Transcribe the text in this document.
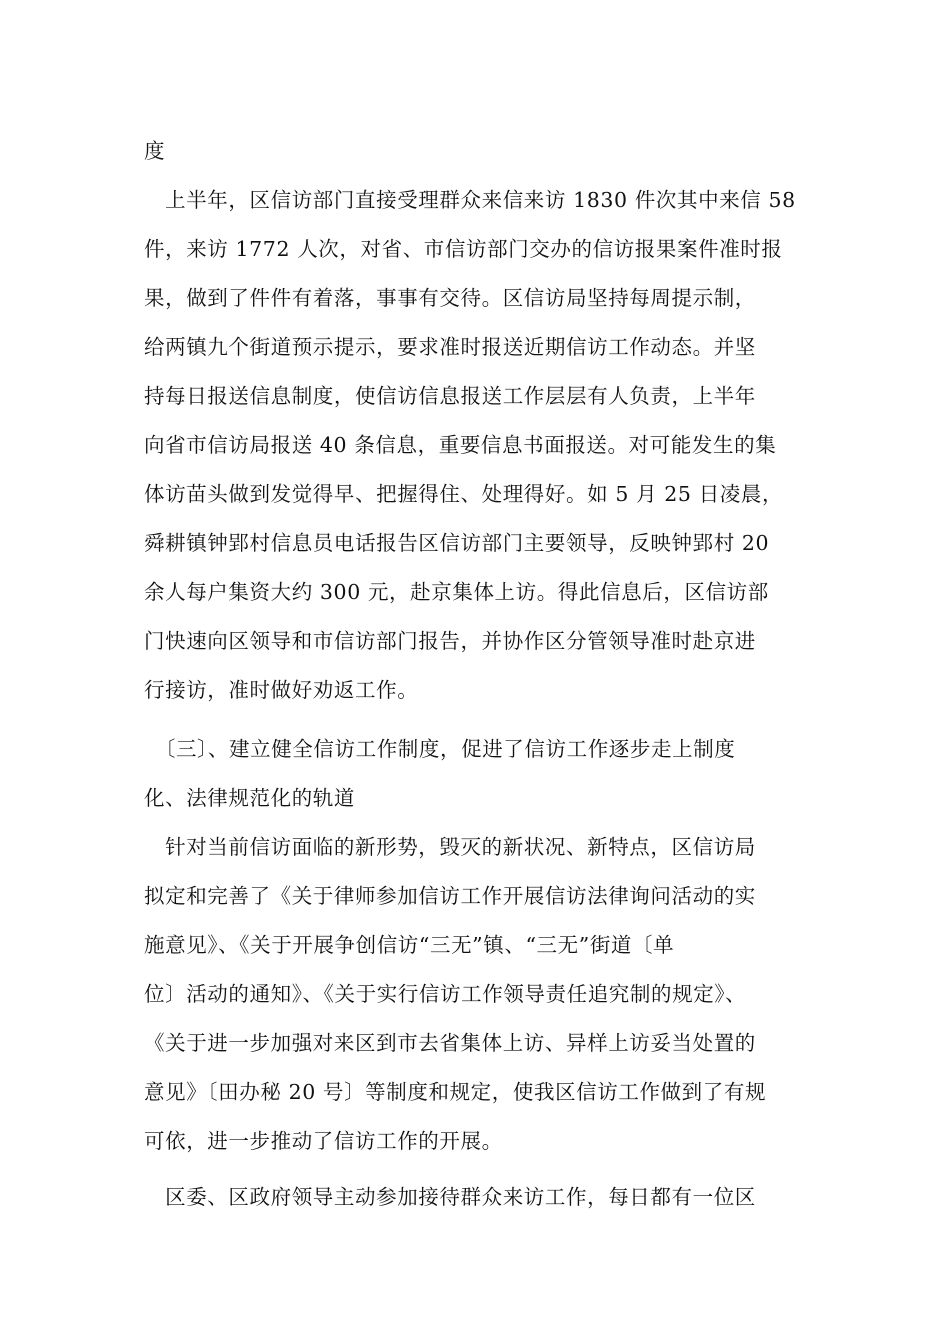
度
　上半年，区信访部门直接受理群众来信来访 1830 件次其中来信 58
件，来访 1772 人次，对省、市信访部门交办的信访报果案件准时报
果，做到了件件有着落，事事有交待。区信访局坚持每周提示制，
给两镇九个街道预示提示，要求准时报送近期信访工作动态。并坚
持每日报送信息制度，使信访信息报送工作层层有人负责，上半年
向省市信访局报送 40 条信息，重要信息书面报送。对可能发生的集
体访苗头做到发觉得早、把握得住、处理得好。如 5 月 25 日凌晨，
舜耕镇钟郢村信息员电话报告区信访部门主要领导，反映钟郢村 20
余人每户集资大约 300 元，赴京集体上访。得此信息后，区信访部
门快速向区领导和市信访部门报告，并协作区分管领导准时赴京进
行接访，准时做好劝返工作。
　〔三〕、建立健全信访工作制度，促进了信访工作逐步走上制度
化、法律规范化的轨道
　针对当前信访面临的新形势，毁灭的新状况、新特点，区信访局
拟定和完善了《关于律师参加信访工作开展信访法律询问活动的实
施意见》、《关于开展争创信访“三无”镇、“三无”街道〔单
位〕活动的通知》、《关于实行信访工作领导责任追究制的规定》、
《关于进一步加强对来区到市去省集体上访、异样上访妥当处置的
意见》〔田办秘 20 号〕等制度和规定，使我区信访工作做到了有规
可依，进一步推动了信访工作的开展。
　区委、区政府领导主动参加接待群众来访工作，每日都有一位区
